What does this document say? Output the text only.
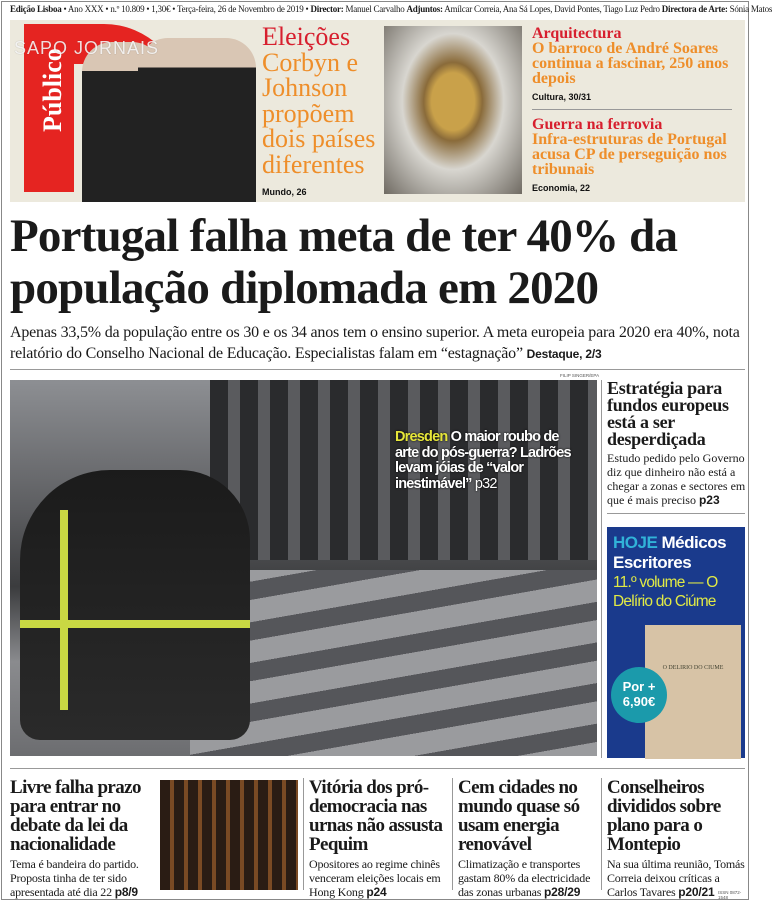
Edição Lisboa • Ano XXX • n.º 10.809 • 1,30€ • Terça-feira, 26 de Novembro de 2019 • Director: Manuel Carvalho Adjuntos: Amílcar Correia, Ana Sá Lopes, David Pontes, Tiago Luz Pedro Directora de Arte: Sónia Matos
Público
SAPO JORNAIS	Eleições
Corbyn e Johnson propõem dois países diferentes
Mundo, 26
Arquitectura
O barroco de André Soares continua a fascinar, 250 anos depois
Cultura, 30/31
Guerra na ferrovia
Infra-estruturas de Portugal acusa CP de perseguição nos tribunais
Economia, 22
Portugal falha meta de ter 40% da população diplomada em 2020
Apenas 33,5% da população entre os 30 e os 34 anos tem o ensino superior. A meta europeia para 2020 era 40%, nota relatório do Conselho Nacional de Educação. Especialistas falam em “estagnação” Destaque, 2/3
FILIP SINGER/EPA
Dresden O maior roubo de arte do pós-guerra? Ladrões levam jóias de “valor inestimável” p32
Estratégia para fundos europeus está a ser desperdiçada

Estudo pedido pelo Governo diz que dinheiro não está a chegar a zonas e sectores em que é mais preciso p23

HOJE Médicos Escritores
11.º volume — O Delírio do Ciúme
O DELIRIO DO CIUME
Por +
6,90€
Livre falha prazo para entrar no debate da lei da nacionalidade

Tema é bandeira do partido. Proposta tinha de ter sido apresentada até dia 22 p8/9

Vitória dos pró-democracia nas urnas não assusta Pequim

Opositores ao regime chinês venceram eleições locais em Hong Kong p24

Cem cidades no mundo quase só usam energia renovável

Climatização e transportes gastam 80% da electricidade das zonas urbanas p28/29

Conselheiros divididos sobre plano para o Montepio

Na sua última reunião, Tomás Correia deixou críticas a Carlos Tavares p20/21 ISSN 0872-1548
